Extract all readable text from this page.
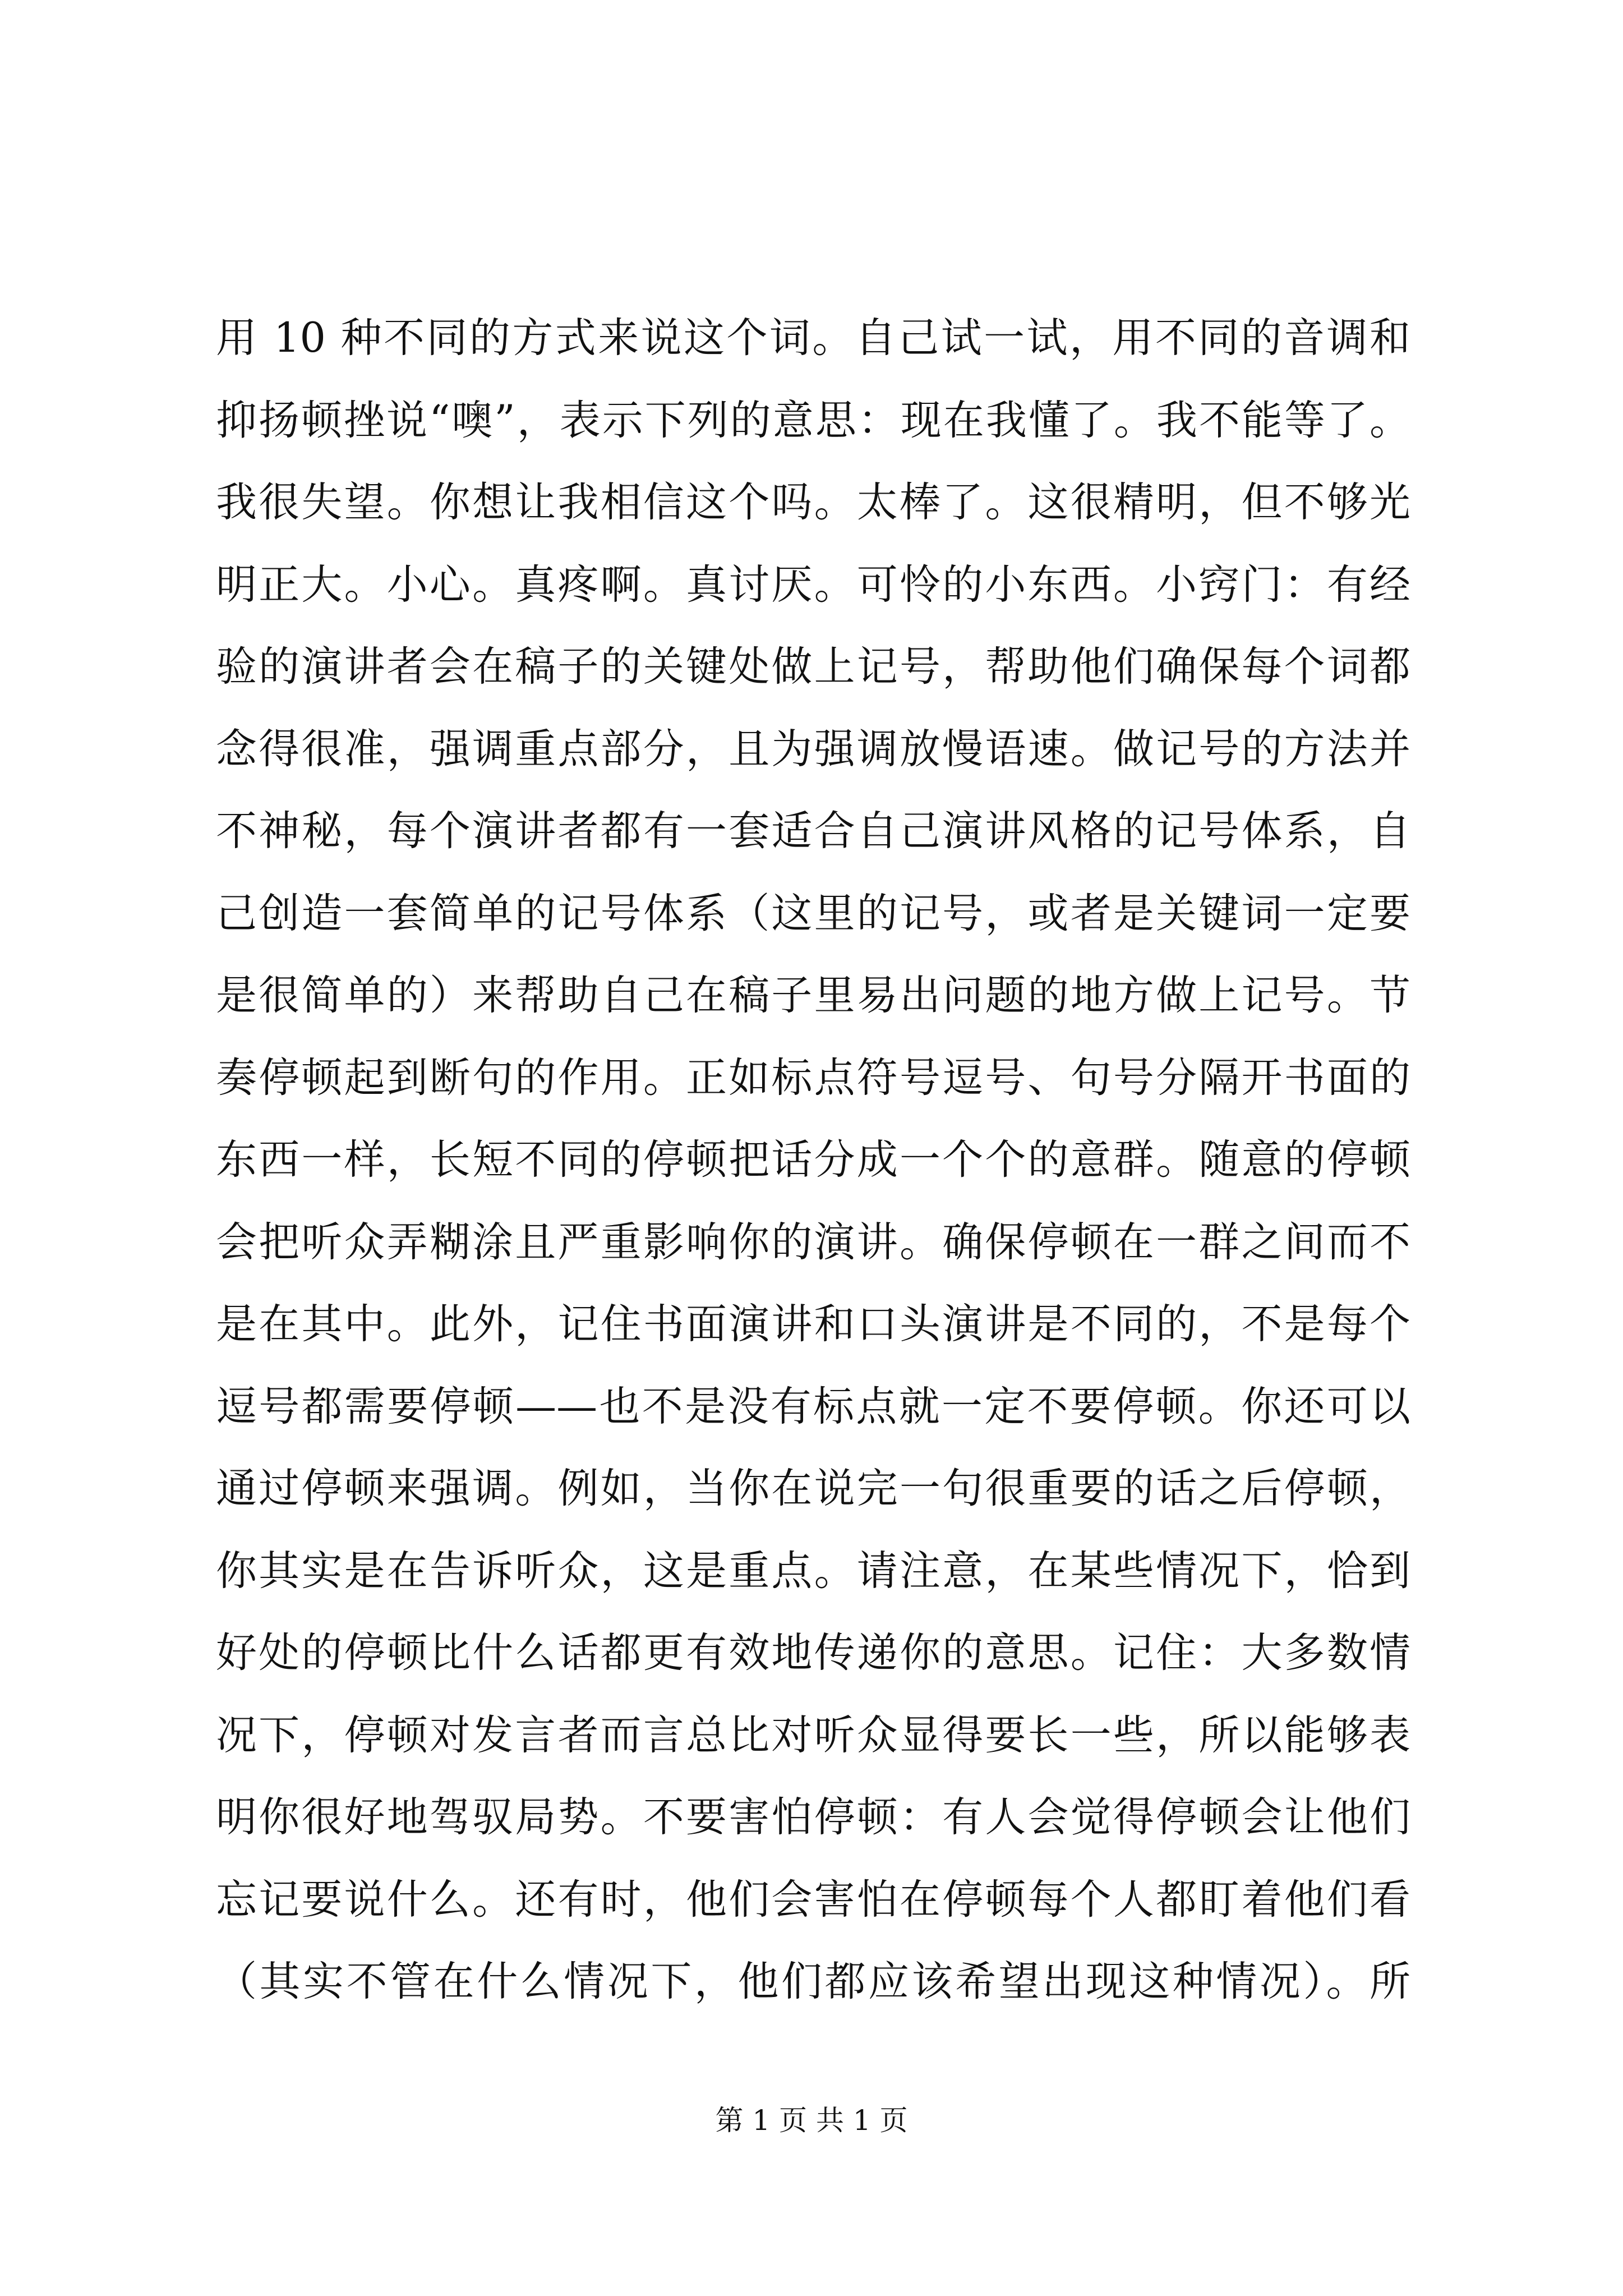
用 10 种不同的方式来说这个词。自己试一试，用不同的音调和
抑扬顿挫说“噢”，表示下列的意思：现在我懂了。我不能等了。
我很失望。你想让我相信这个吗。太棒了。这很精明，但不够光
明正大。小心。真疼啊。真讨厌。可怜的小东西。小窍门：有经
验的演讲者会在稿子的关键处做上记号，帮助他们确保每个词都
念得很准，强调重点部分，且为强调放慢语速。做记号的方法并
不神秘，每个演讲者都有一套适合自己演讲风格的记号体系，自
己创造一套简单的记号体系（这里的记号，或者是关键词一定要
是很简单的）来帮助自己在稿子里易出问题的地方做上记号。节
奏停顿起到断句的作用。正如标点符号逗号、句号分隔开书面的
东西一样，长短不同的停顿把话分成一个个的意群。随意的停顿
会把听众弄糊涂且严重影响你的演讲。确保停顿在一群之间而不
是在其中。此外，记住书面演讲和口头演讲是不同的，不是每个
逗号都需要停顿——也不是没有标点就一定不要停顿。你还可以
通过停顿来强调。例如，当你在说完一句很重要的话之后停顿，
你其实是在告诉听众，这是重点。请注意，在某些情况下，恰到
好处的停顿比什么话都更有效地传递你的意思。记住：大多数情
况下，停顿对发言者而言总比对听众显得要长一些，所以能够表
明你很好地驾驭局势。不要害怕停顿：有人会觉得停顿会让他们
忘记要说什么。还有时，他们会害怕在停顿每个人都盯着他们看
（其实不管在什么情况下，他们都应该希望出现这种情况）。所
第 1 页 共 1 页
